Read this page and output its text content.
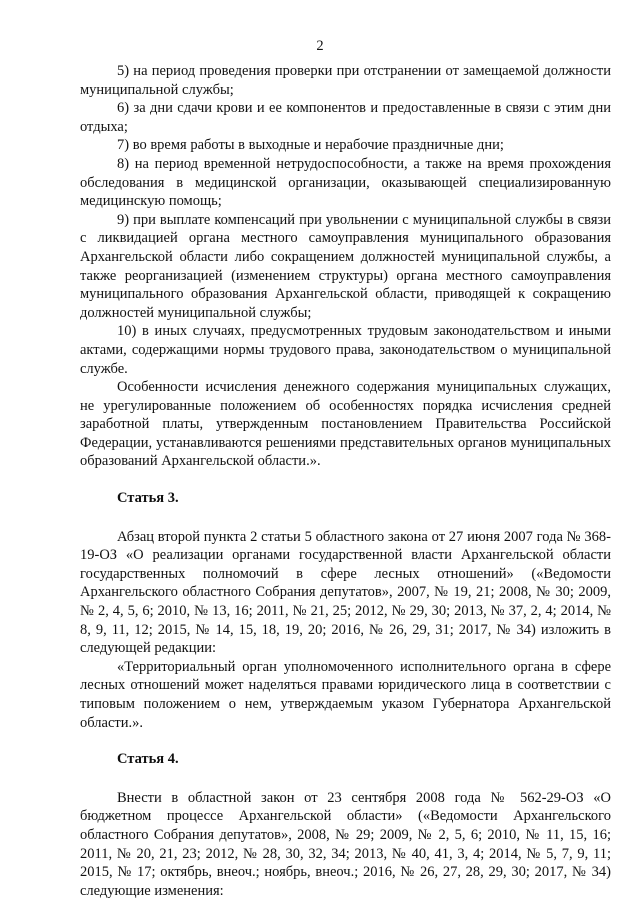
2

5) на период проведения проверки при отстранении от замещаемой должности муниципальной службы;

6) за дни сдачи крови и ее компонентов и предоставленные в связи с этим дни отдыха;

7) во время работы в выходные и нерабочие праздничные дни;

8) на период временной нетрудоспособности, а также на время прохождения обследования в медицинской организации, оказывающей специализированную медицинскую помощь;

9) при выплате компенсаций при увольнении с муниципальной службы в связи с ликвидацией органа местного самоуправления муниципального образования Архангельской области либо сокращением должностей муниципальной службы, а также реорганизацией (изменением структуры) органа местного самоуправления муниципального образования Архангельской области, приводящей к сокращению должностей муниципальной службы;

10) в иных случаях, предусмотренных трудовым законодательством и иными актами, содержащими нормы трудового права, законодательством о муниципальной службе.

Особенности исчисления денежного содержания муниципальных служащих, не урегулированные положением об особенностях порядка исчисления средней заработной платы, утвержденным постановлением Правительства Российской Федерации, устанавливаются решениями представительных органов муниципальных образований Архангельской области.».

Статья 3.

Абзац второй пункта 2 статьи 5 областного закона от 27 июня 2007 года № 368-19-ОЗ «О реализации органами государственной власти Архангельской области государственных полномочий в сфере лесных отношений» («Ведомости Архангельского областного Собрания депутатов», 2007, № 19, 21; 2008, № 30; 2009, № 2, 4, 5, 6; 2010, № 13, 16; 2011, № 21, 25; 2012, № 29, 30; 2013, № 37, 2, 4; 2014, № 8, 9, 11, 12; 2015, № 14, 15, 18, 19, 20; 2016, № 26, 29, 31; 2017, № 34) изложить в следующей редакции:

«Территориальный орган уполномоченного исполнительного органа в сфере лесных отношений может наделяться правами юридического лица в соответствии с типовым положением о нем, утверждаемым указом Губернатора Архангельской области.».

Статья 4.

Внести в областной закон от 23 сентября 2008 года № 562-29-ОЗ «О бюджетном процессе Архангельской области» («Ведомости Архангельского областного Собрания депутатов», 2008, № 29; 2009, № 2, 5, 6; 2010, № 11, 15, 16; 2011, № 20, 21, 23; 2012, № 28, 30, 32, 34; 2013, № 40, 41, 3, 4; 2014, № 5, 7, 9, 11; 2015, № 17; октябрь, внеоч.; ноябрь, внеоч.; 2016, № 26, 27, 28, 29, 30; 2017, № 34) следующие изменения:
